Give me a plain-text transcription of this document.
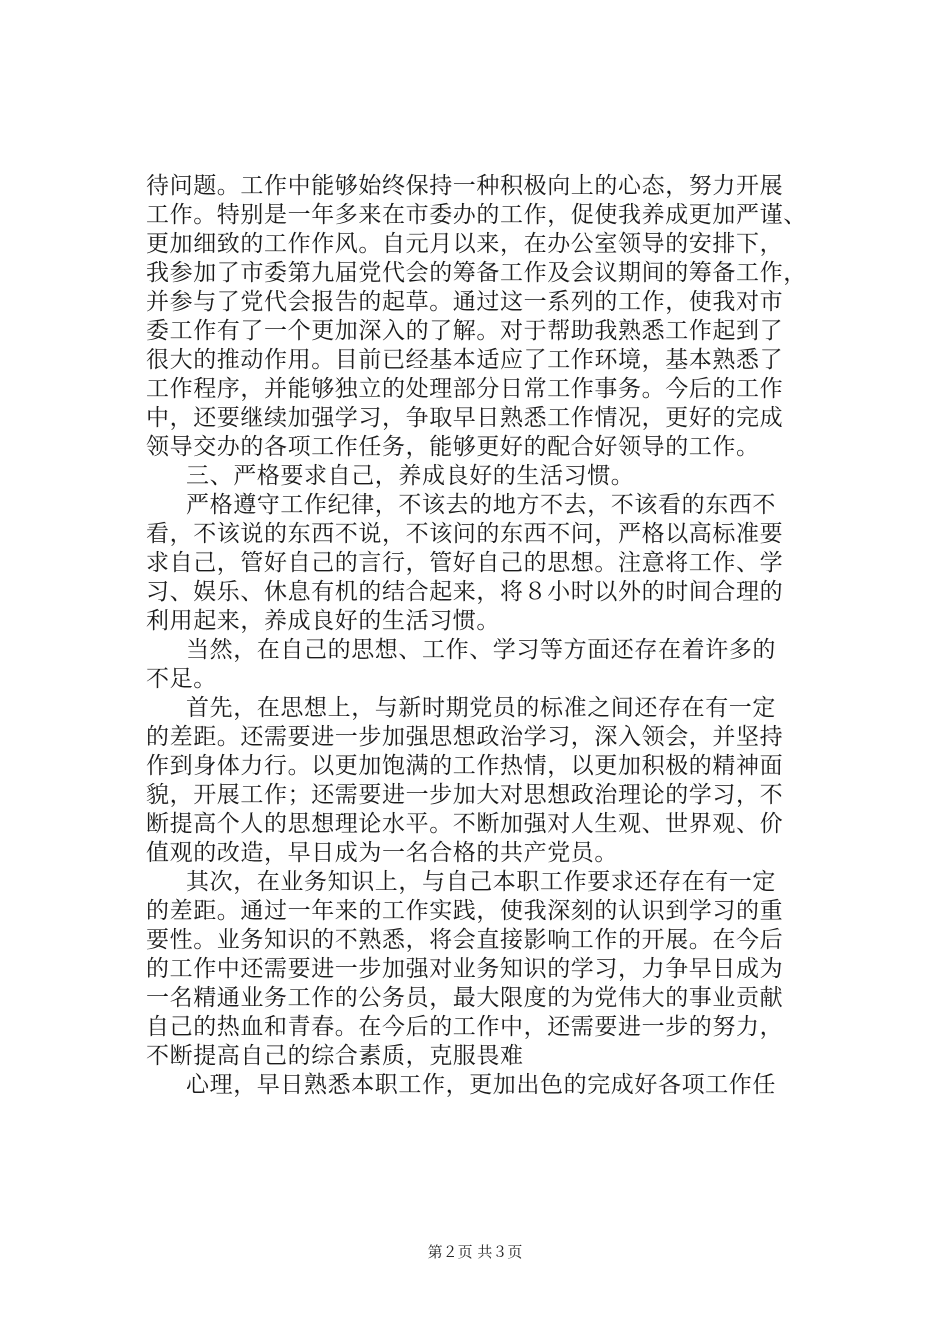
待问题。工作中能够始终保持一种积极向上的心态，努力开展
工作。特别是一年多来在市委办的工作，促使我养成更加严谨、
更加细致的工作作风。自元月以来，在办公室领导的安排下，
我参加了市委第九届党代会的筹备工作及会议期间的筹备工作，
并参与了党代会报告的起草。通过这一系列的工作，使我对市
委工作有了一个更加深入的了解。对于帮助我熟悉工作起到了
很大的推动作用。目前已经基本适应了工作环境，基本熟悉了
工作程序，并能够独立的处理部分日常工作事务。今后的工作
中，还要继续加强学习，争取早日熟悉工作情况，更好的完成
领导交办的各项工作任务，能够更好的配合好领导的工作。
三、严格要求自己，养成良好的生活习惯。
严格遵守工作纪律，不该去的地方不去，不该看的东西不
看，不该说的东西不说，不该问的东西不问，严格以高标准要
求自己，管好自己的言行，管好自己的思想。注意将工作、学
习、娱乐、休息有机的结合起来，将８小时以外的时间合理的
利用起来，养成良好的生活习惯。
当然，在自己的思想、工作、学习等方面还存在着许多的
不足。
首先，在思想上，与新时期党员的标准之间还存在有一定
的差距。还需要进一步加强思想政治学习，深入领会，并坚持
作到身体力行。以更加饱满的工作热情，以更加积极的精神面
貌，开展工作；还需要进一步加大对思想政治理论的学习，不
断提高个人的思想理论水平。不断加强对人生观、世界观、价
值观的改造，早日成为一名合格的共产党员。
其次，在业务知识上，与自己本职工作要求还存在有一定
的差距。通过一年来的工作实践，使我深刻的认识到学习的重
要性。业务知识的不熟悉，将会直接影响工作的开展。在今后
的工作中还需要进一步加强对业务知识的学习，力争早日成为
一名精通业务工作的公务员，最大限度的为党伟大的事业贡献
自己的热血和青春。在今后的工作中，还需要进一步的努力，
不断提高自己的综合素质，克服畏难
心理，早日熟悉本职工作，更加出色的完成好各项工作任
第２页 共３页
